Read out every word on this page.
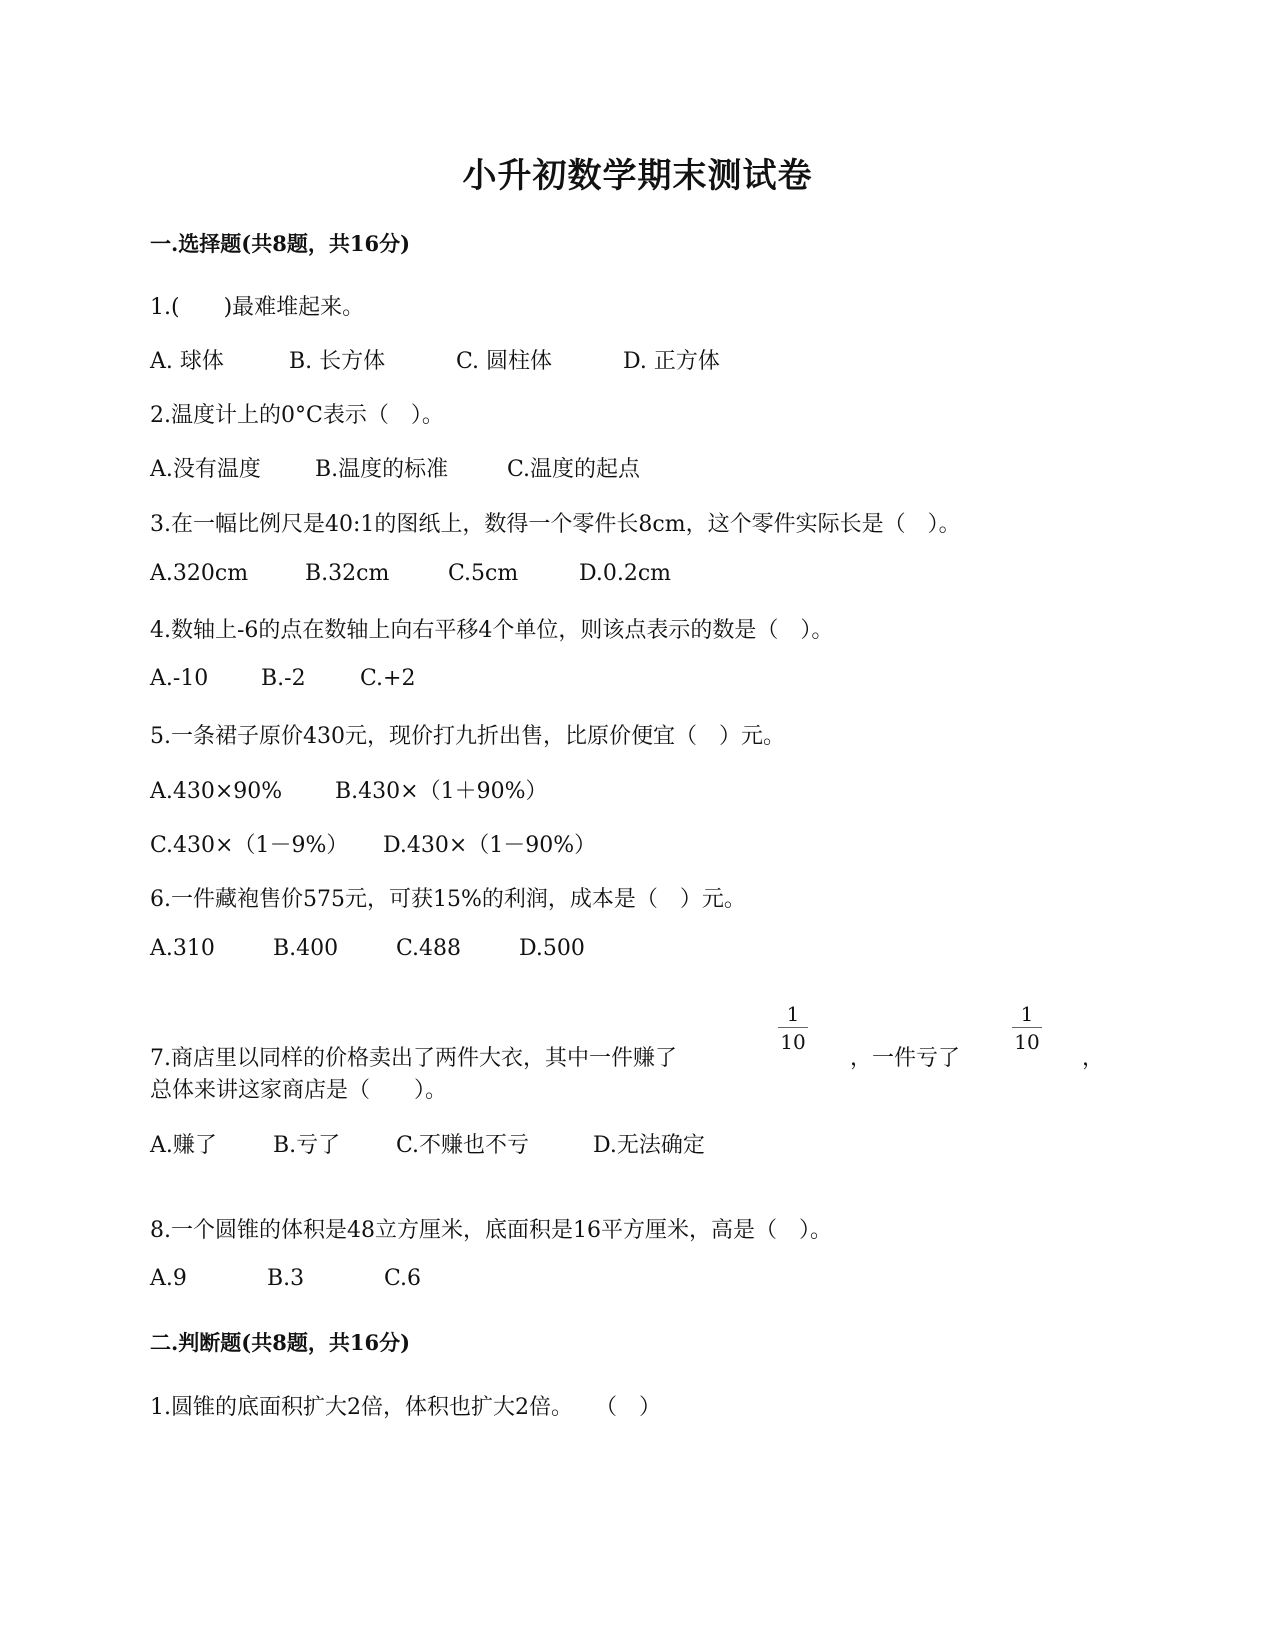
小升初数学期末测试卷
一.选择题(共8题，共16分)
1.(　　)最难堆起来。
A. 球体	B. 长方体	C. 圆柱体	D. 正方体
2.温度计上的0°C表示（　）。
A.没有温度 B.温度的标准	C.温度的起点
3.在一幅比例尺是40:1的图纸上，数得一个零件长8cm，这个零件实际长是（　）。
A.320cm	B.32cm	C.5cm	D.0.2cm
4.数轴上-6的点在数轴上向右平移4个单位，则该点表示的数是（　）。
A.-10 B.-2 C.+2
5.一条裙子原价430元，现价打九折出售，比原价便宜（　）元。
A.430×90% B.430×（1＋90%）
C.430×（1－9%） D.430×（1－90%）
6.一件藏袍售价575元，可获15%的利润，成本是（　）元。
A.310	B.400	C.488	D.500
$\frac{1}{10}$	$\frac{1}{10}$
7.商店里以同样的价格卖出了两件大衣，其中一件赚了	，一件亏了	，
总体来讲这家商店是（　　）。
A.赚了	B.亏了	C.不赚也不亏	D.无法确定
8.一个圆锥的体积是48立方厘米，底面积是16平方厘米，高是（　）。
A.9	B.3	C.6
二.判断题(共8题，共16分)
1.圆锥的底面积扩大2倍，体积也扩大2倍。　　（　）
